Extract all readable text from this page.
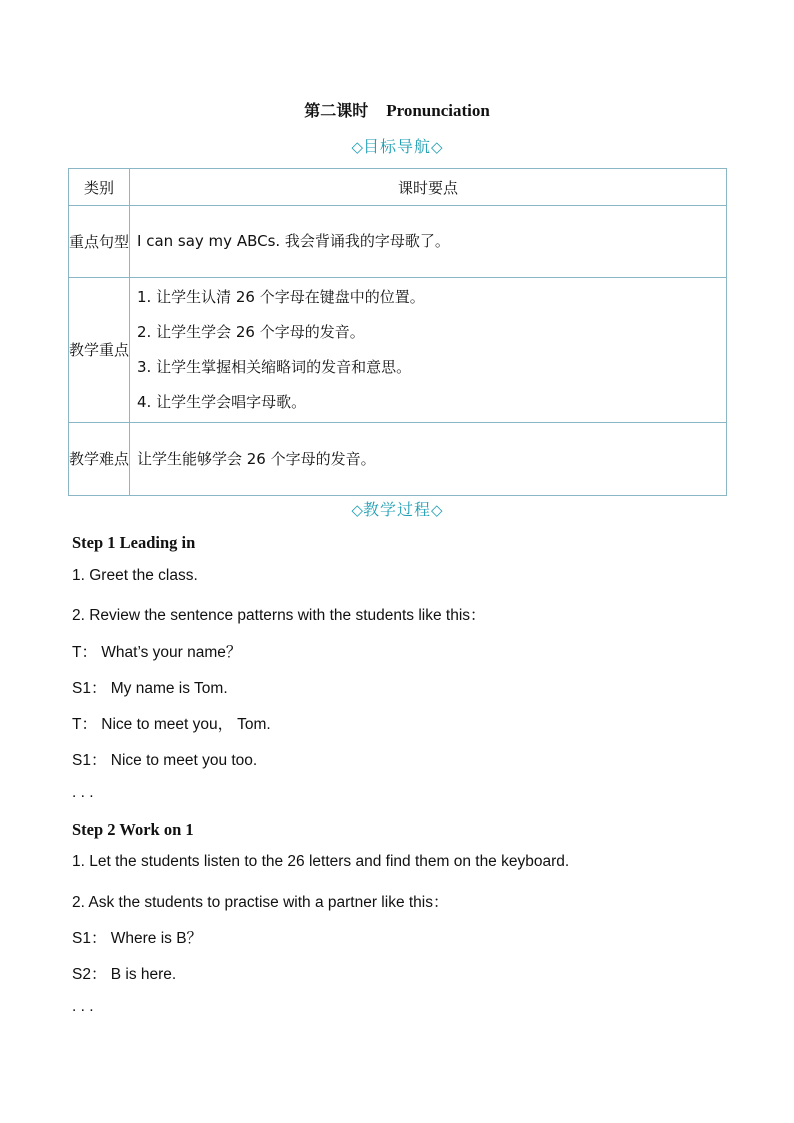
第二课时 Pronunciation
◇目标导航◇
类别	课时要点
重点句型	I can say my ABCs. 我会背诵我的字母歌了。

教学重点	1. 让学生认清 26 个字母在键盘中的位置。
2. 让学生学会 26 个字母的发音。
3. 让学生掌握相关缩略词的发音和意思。
4. 让学生学会唱字母歌。

教学难点	让学生能够学会 26 个字母的发音。
◇教学过程◇
Step 1 Leading in
1. Greet the class.
2. Review the sentence patterns with the students like this：
T： What’s your name？
S1： My name is Tom.
T： Nice to meet you， Tom.
S1： Nice to meet you too.
. . .
Step 2 Work on 1
1. Let the students listen to the 26 letters and find them on the keyboard.
2. Ask the students to practise with a partner like this：
S1： Where is B？
S2： B is here.
. . .
